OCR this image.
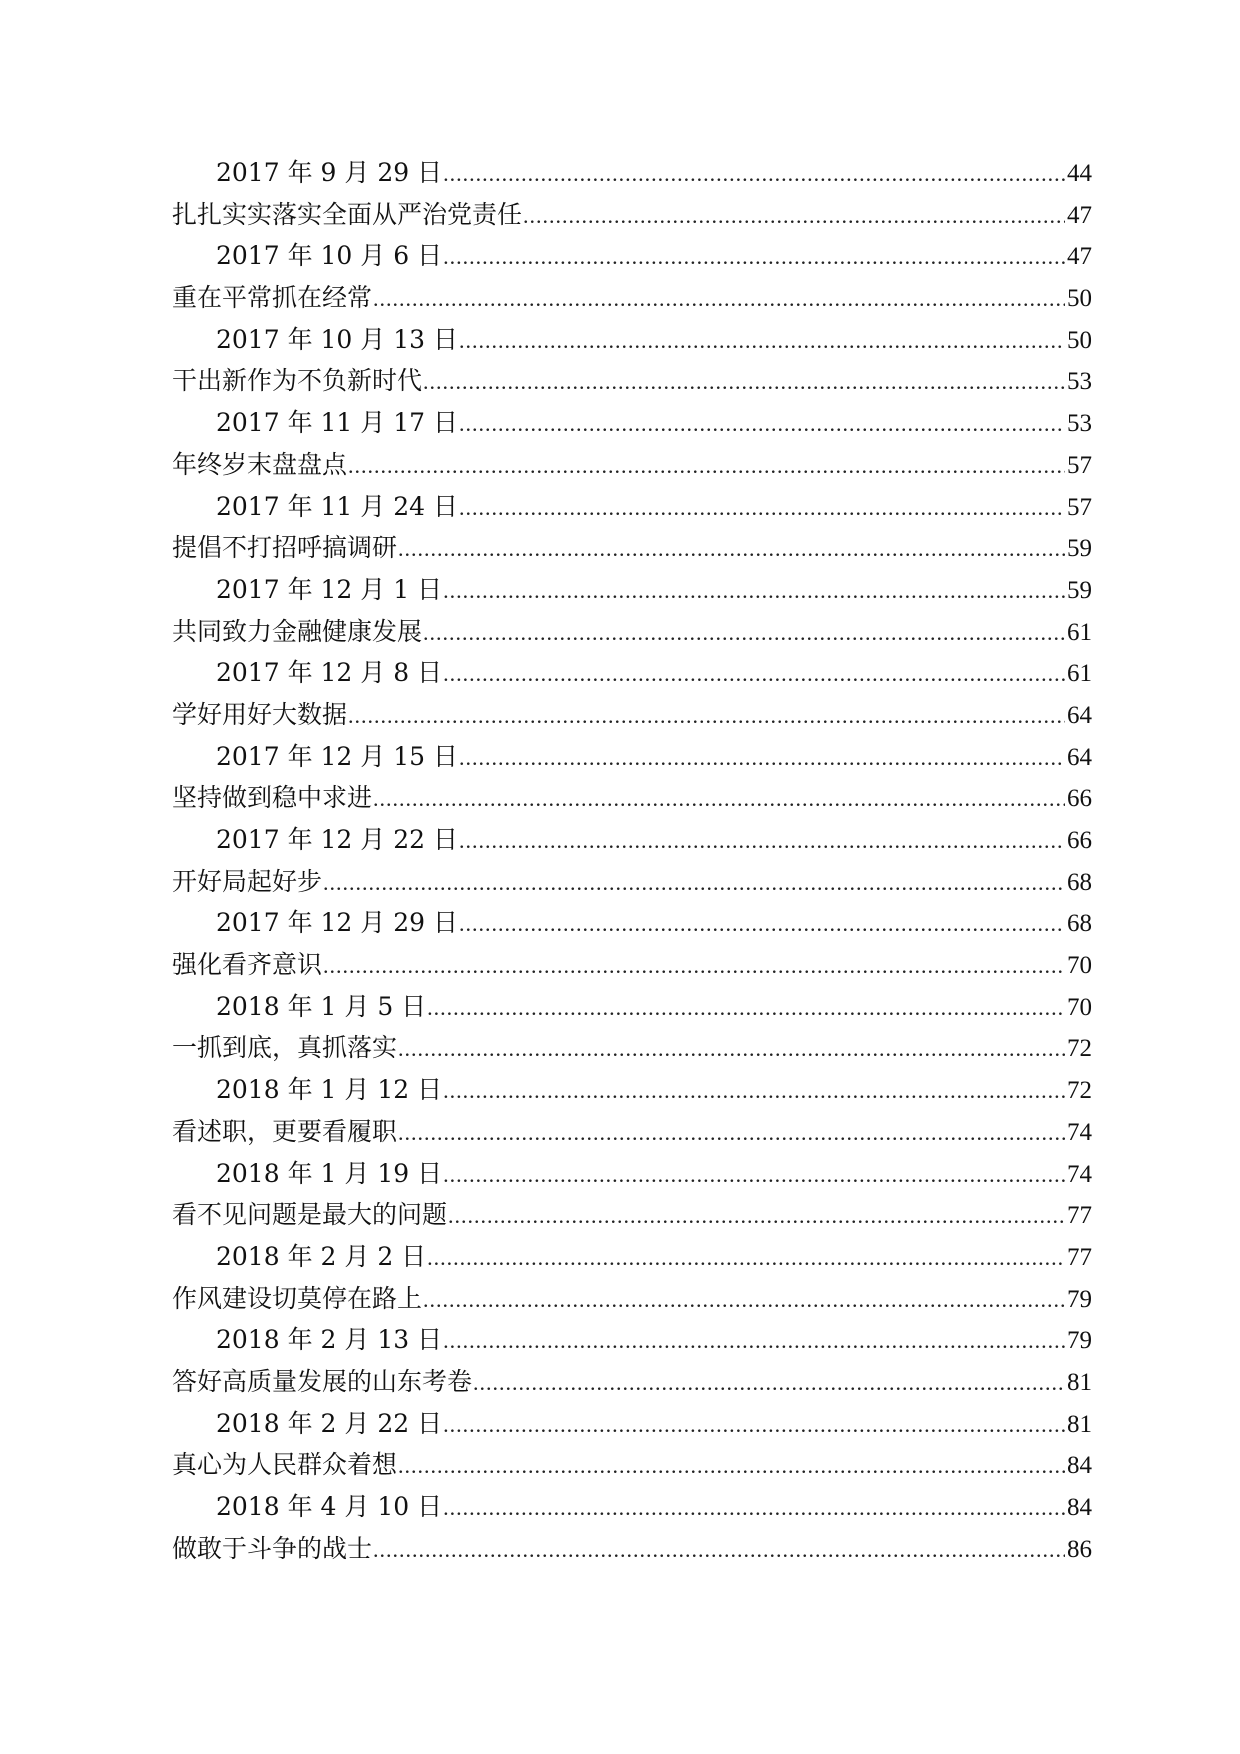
2017 年 9 月 29 日 .....	44
扎扎实实落实全面从严治党责任 .....	47
2017 年 10 月 6 日 .....	47
重在平常抓在经常 .....	50
2017 年 10 月 13 日 .....	50
干出新作为不负新时代 .....	53
2017 年 11 月 17 日 .....	53
年终岁末盘盘点 .....	57
2017 年 11 月 24 日 .....	57
提倡不打招呼搞调研 .....	59
2017 年 12 月 1 日 .....	59
共同致力金融健康发展 .....	61
2017 年 12 月 8 日 .....	61
学好用好大数据 .....	64
2017 年 12 月 15 日 .....	64
坚持做到稳中求进 .....	66
2017 年 12 月 22 日 .....	66
开好局起好步 .....	68
2017 年 12 月 29 日 .....	68
强化看齐意识 .....	70
2018 年 1 月 5 日 .....	70
一抓到底，真抓落实 .....	72
2018 年 1 月 12 日 .....	72
看述职，更要看履职 .....	74
2018 年 1 月 19 日 .....	74
看不见问题是最大的问题 .....	77
2018 年 2 月 2 日 .....	77
作风建设切莫停在路上 .....	79
2018 年 2 月 13 日 .....	79
答好高质量发展的山东考卷 .....	81
2018 年 2 月 22 日 .....	81
真心为人民群众着想 .....	84
2018 年 4 月 10 日 .....	84
做敢于斗争的战士 .....	86
